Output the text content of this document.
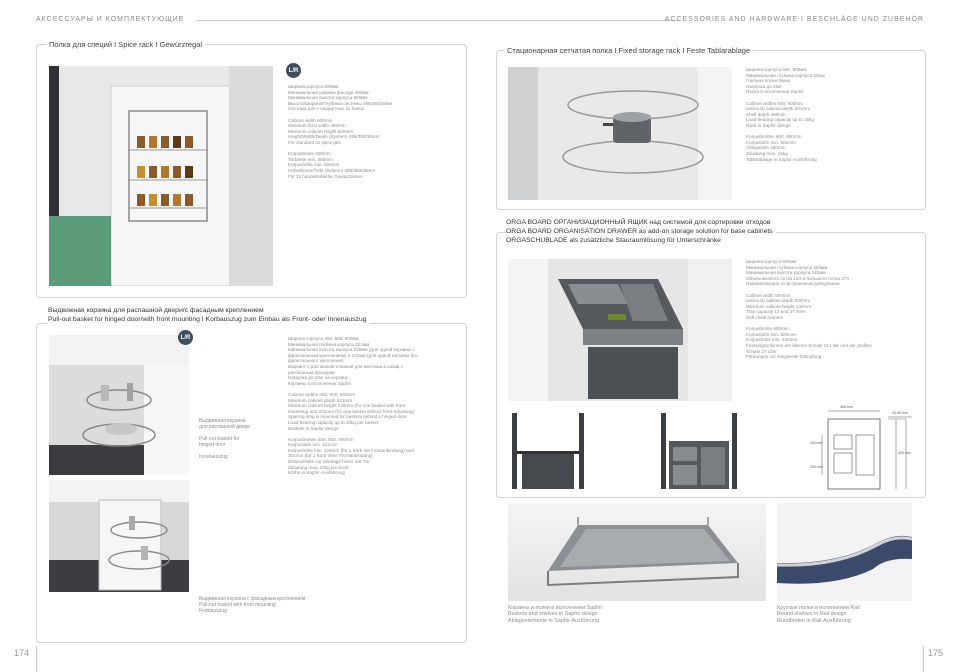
АКСЕССУАРЫ И КОМПЛЕКТУЮЩИЕ	ACCESSORIES AND HARDWARE I BESCHLÄGE UND ZUBEHÖR
Полка для специй I Spice rack I Gewürzregal
L/R
Ширина корпуса 500мм
Минимальная ширина фасада 490мм
Минимальная высота корпуса 560мм
Высота/Ширина/Глубина/ системы 495/350/36мм
Система для стандартных 2х банок

Cabinet width 500mm
Minimum door width 490mm
Minimum cabinet height 560mm
Height/Width/Depth (System) 495/350/36mm
For standard 2x spice jars

Korpusbreite 500mm
Türbreite min. 490mm
Korpushöhe min. 560mm
Höhe/Breite/Tiefe (System) 495/350/36mm
Für 2x handelsübliche Gewürzdosen
Стационарная сетчатая полка I Fixed storage rack I Feste Tablarablage
Ширина корпуса 600, 900мм
Минимальная глубина корпуса 50мм
Глубина полки 46мм
Нагрузка до 15кг
Полка в исполнении Saphir

Cabinet widths 600, 900mm
Minimum cabinet depth 501mm
Shelf depth 460mm
Load-bearing capacity up to 15kg
Rack in Saphir design

Korpusbreiten 600, 900mm
Korpustiefe min. 501mm
Ablagetiefe 460mm
Zuladung max. 15kg
Tablarablage in Saphir-Ausführung
ORGA BOARD ОРГАНИЗАЦИОННЫЙ ЯЩИК над системой для сортировки отходов
ORGA BOARD ORGANISATION DRAWER as add-on storage solution for base cabinets
ORGASCHUBLADE als zusätzliche Stauraumlösung für Unterschränke
Ширина корпуса 500мм
Минимальная глубина корпуса 500мм
Минимальная высота корпуса 140мм
Объем мелкого лотка 12л и большого лотка 27л
Направляющие со встроенным доводчиком

Cabinet width 500mm
Minimum cabinet depth 500mm
Minimum cabinet height 140mm
Tray capacity 12 and 27 litres
Soft close runners

Korpusbreite 500mm
Korpustiefe min. 500mm
Korpushöhe min. 140mm
Fassungsvolumen der kleinen Schale 12 Liter und der großen
Schale 27 Liter
Führungen mit integrierter Dämpfung
460 mm
30-45 mm
116 mm
320 mm
420 mm
Выдвижная корзина для распашной двери/с фасадным креплением
Pull-out basket for hinged door/with front mounting I Korbauszug zum Einbau als Front- oder Innenauszug
L/R
Выдвижная корзина
для распашной двери

Pull-out basket for
hinged door

Innenauszug
Выдвижная корзина с фасадным креплением
Pull-out basket with front mounting
Frontauszug
Ширина корпуса 450, 600, 900мм
Минимальная глубина корпуса 521мм
Минимальная высота корпуса 226мм (для одной корзины с
фронтальным креплением) и 201мм (для одной корзины без
фронтального крепления)
Вариант с распашной планкой для монтажа в шкаф с
распашным фасадом
Нагрузка до 20кг на корзину
Корзины в исполнении Saphir

Cabinet widths 450, 600, 900mm
Minimum cabinet depth 521mm
Minimum cabinet height 226mm (for one basket with front-
mounting) and 201mm (for one basket without front-mounting)
Spacing strip is mounted for baskets behind a hinged door
Load-bearing capacity up to 20kg per basket
Baskets in Saphir design

Korpusbreiten 450, 600, 900mm
Korpustiefe min. 521mm
Korpushöhe min. 226mm (für 1 Korb mit Frontanbindung) und
201mm (für 1 Korb ohne Frontanbindung)
Distanzleiste zur Montage hinter der Tür
Zuladung max. 20kg pro Korb
Körbe in Saphir-Ausführung
Корзины и полки в исполнении Saphir
Baskets and shelves in Saphir design
Ablageelemente in Saphir-Ausführung
Круглые полки в исполнении Rail
Round shelves in Rail design
Rundböden in Rail-Ausführung
174	175
